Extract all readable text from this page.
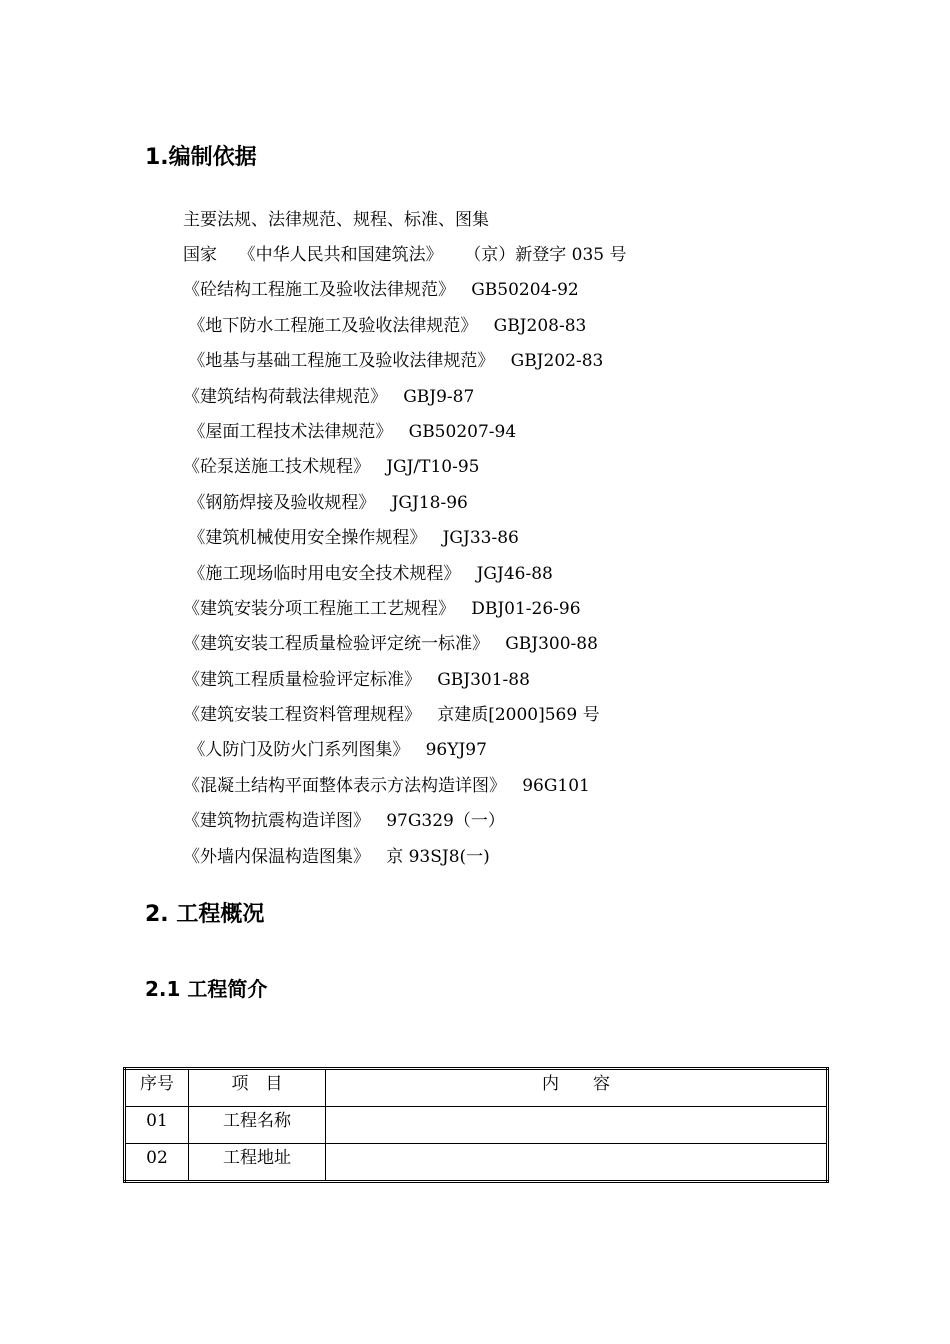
1.编制依据
主要法规、法律规范、规程、标准、图集
国家    《中华人民共和国建筑法》    （京）新登字 035 号
《砼结构工程施工及验收法律规范》   GB50204-92
《地下防水工程施工及验收法律规范》   GBJ208-83
《地基与基础工程施工及验收法律规范》   GBJ202-83
《建筑结构荷载法律规范》   GBJ9-87
《屋面工程技术法律规范》   GB50207-94
《砼泵送施工技术规程》   JGJ/T10-95
《钢筋焊接及验收规程》   JGJ18-96
《建筑机械使用安全操作规程》   JGJ33-86
《施工现场临时用电安全技术规程》   JGJ46-88
《建筑安装分项工程施工工艺规程》   DBJ01-26-96
《建筑安装工程质量检验评定统一标准》   GBJ300-88
《建筑工程质量检验评定标准》   GBJ301-88
《建筑安装工程资料管理规程》   京建质[2000]569 号
《人防门及防火门系列图集》   96YJ97
《混凝土结构平面整体表示方法构造详图》   96G101
《建筑物抗震构造详图》   97G329（一）
《外墙内保温构造图集》   京 93SJ8(一)
2. 工程概况
2.1 工程简介
序号	项　目	内　　容
01	工程名称	
02	工程地址	
